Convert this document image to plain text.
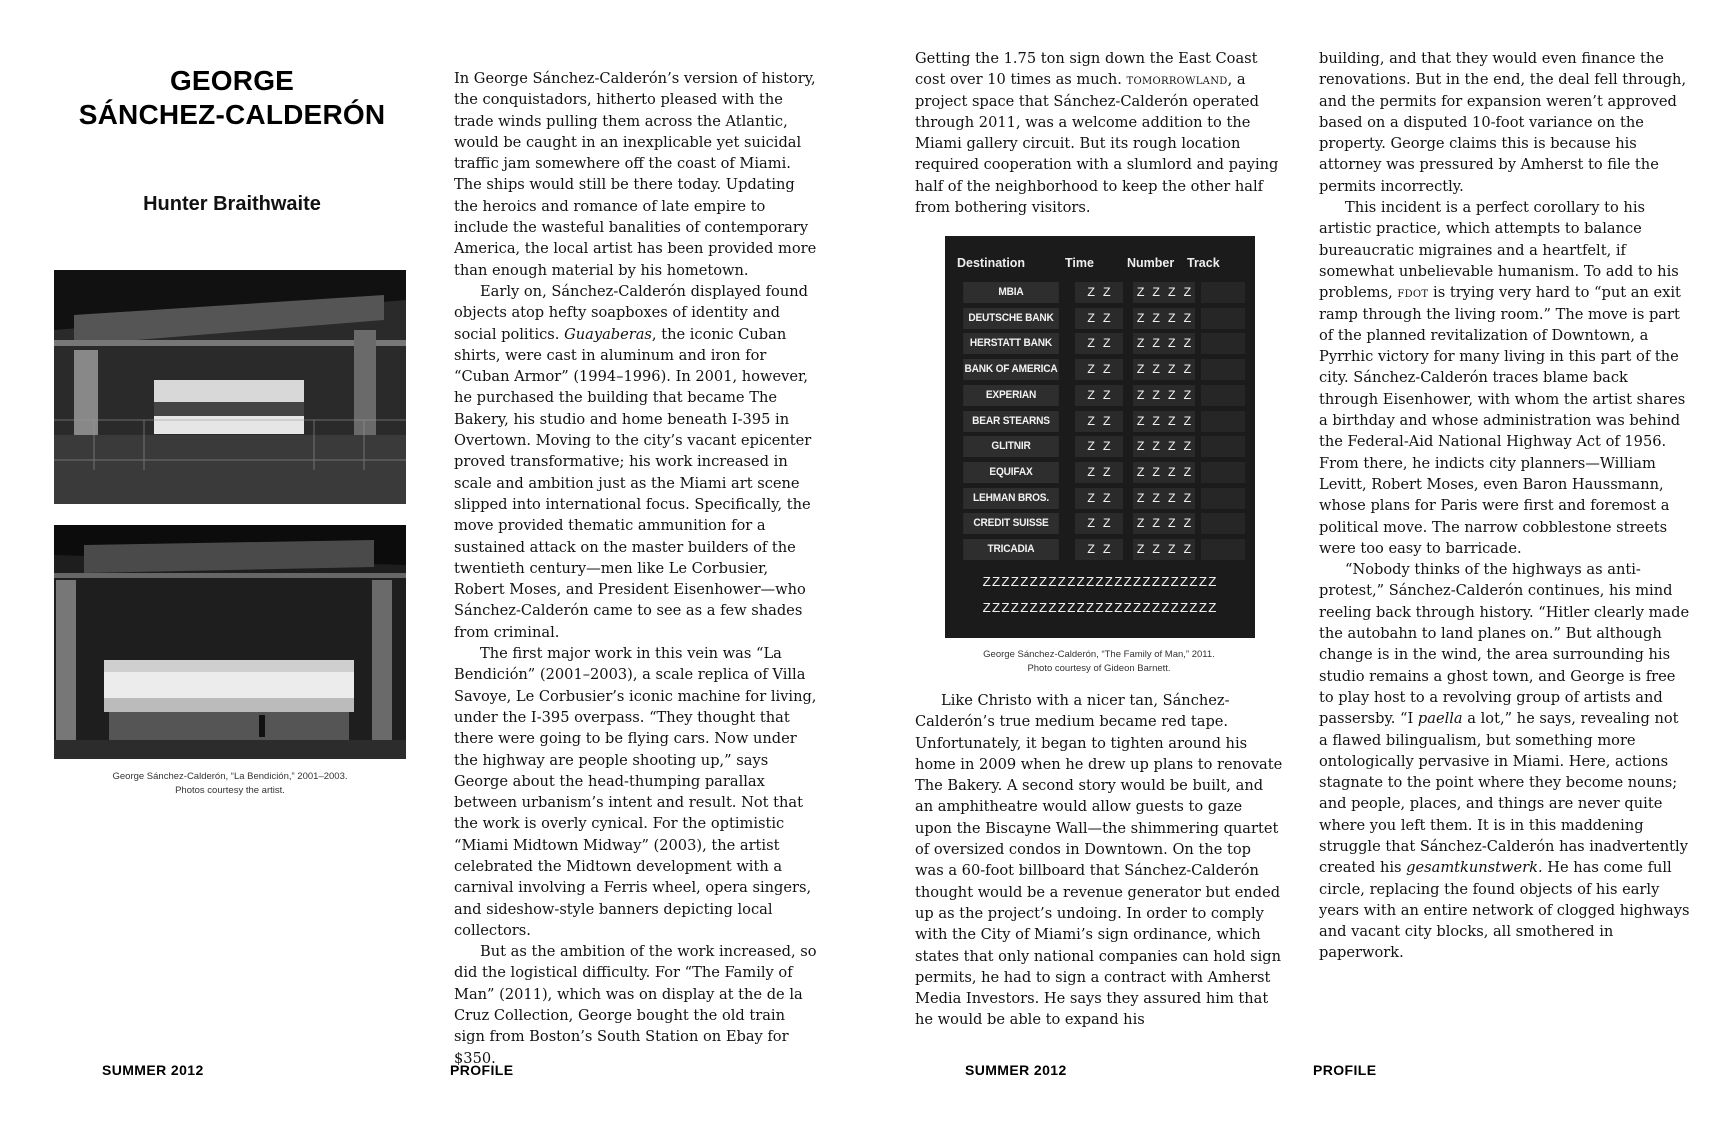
GEORGE
SÁNCHEZ-CALDERÓN
Hunter Braithwaite
George Sánchez-Calderón, “La Bendición,” 2001–2003.
Photos courtesy the artist.

In George Sánchez-Calderón’s version of history, the conquistadors, hitherto pleased with the trade winds pulling them across the Atlantic, would be caught in an inexplicable yet suicidal traffic jam somewhere off the coast of Miami. The ships would still be there today. Updating the heroics and romance of late empire to include the wasteful banalities of contemporary America, the local artist has been provided more than enough material by his hometown.

Early on, Sánchez-Calderón displayed found objects atop hefty soapboxes of identity and social politics. Guayaberas, the iconic Cuban shirts, were cast in aluminum and iron for “Cuban Armor” (1994–1996). In 2001, however, he purchased the building that became The Bakery, his studio and home beneath I-395 in Overtown. Moving to the city’s vacant epicenter proved transformative; his work increased in scale and ambition just as the Miami art scene slipped into international focus. Specifically, the move provided thematic ammunition for a sustained attack on the master builders of the twentieth century—men like Le Corbusier, Robert Moses, and President Eisenhower—who Sánchez-Calderón came to see as a few shades from criminal.

The first major work in this vein was “La Bendición” (2001–2003), a scale replica of Villa Savoye, Le Corbusier’s iconic machine for living, under the I-395 overpass. “They thought that there were going to be flying cars. Now under the highway are people shooting up,” says George about the head-thumping parallax between urbanism’s intent and result. Not that the work is overly cynical. For the optimistic “Miami Midtown Midway” (2003), the artist celebrated the Midtown development with a carnival involving a Ferris wheel, opera singers, and sideshow-style banners depicting local collectors.

But as the ambition of the work increased, so did the logistical difficulty. For “The Family of Man” (2011), which was on display at the de la Cruz Collection, George bought the old train sign from Boston’s South Station on Ebay for $350.

SUMMER 2012	PROFILE

Getting the 1.75 ton sign down the East Coast cost over 10 times as much. tomorrowland, a project space that Sánchez-Calderón operated through 2011, was a welcome addition to the Miami gallery circuit. But its rough location required cooperation with a slumlord and paying half of the neighborhood to keep the other half from bothering visitors.

George Sánchez-Calderón, “The Family of Man,” 2011.
Photo courtesy of Gideon Barnett.

Like Christo with a nicer tan, Sánchez-Calderón’s true medium became red tape. Unfortunately, it began to tighten around his home in 2009 when he drew up plans to renovate The Bakery. A second story would be built, and an amphitheatre would allow guests to gaze upon the Biscayne Wall—the shimmering quartet of oversized condos in Downtown. On the top was a 60-foot billboard that Sánchez-Calderón thought would be a revenue generator but ended up as the project’s undoing. In order to comply with the City of Miami’s sign ordinance, which states that only national companies can hold sign permits, he had to sign a contract with Amherst Media Investors. He says they assured him that he would be able to expand his

building, and that they would even finance the renovations. But in the end, the deal fell through, and the permits for expansion weren’t approved based on a disputed 10-foot variance on the property. George claims this is because his attorney was pressured by Amherst to file the permits incorrectly.

This incident is a perfect corollary to his artistic practice, which attempts to balance bureaucratic migraines and a heartfelt, if somewhat unbelievable humanism. To add to his problems, fdot is trying very hard to “put an exit ramp through the living room.” The move is part of the planned revitalization of Downtown, a Pyrrhic victory for many living in this part of the city. Sánchez-Calderón traces blame back through Eisenhower, with whom the artist shares a birthday and whose administration was behind the Federal-Aid National Highway Act of 1956. From there, he indicts city planners—William Levitt, Robert Moses, even Baron Haussmann, whose plans for Paris were first and foremost a political move. The narrow cobblestone streets were too easy to barricade.

“Nobody thinks of the highways as anti-protest,” Sánchez-Calderón continues, his mind reeling back through history. “Hitler clearly made the autobahn to land planes on.” But although change is in the wind, the area surrounding his studio remains a ghost town, and George is free to play host to a revolving group of artists and passersby. “I paella a lot,” he says, revealing not a flawed bilingualism, but something more ontologically pervasive in Miami. Here, actions stagnate to the point where they become nouns; and people, places, and things are never quite where you left them. It is in this maddening struggle that Sánchez-Calderón has inadvertently created his gesamtkunstwerk. He has come full circle, replacing the found objects of his early years with an entire network of clogged highways and vacant city blocks, all smothered in paperwork.

SUMMER 2012	PROFILE
Destination	Time	Number Track
MBIA	Z Z	Z Z Z Z
DEUTSCHE BANK	Z Z	Z Z Z Z
HERSTATT BANK	Z Z	Z Z Z Z
BANK OF AMERICA	Z Z	Z Z Z Z
EXPERIAN	Z Z	Z Z Z Z
BEAR STEARNS	Z Z	Z Z Z Z
GLITNIR	Z Z	Z Z Z Z
EQUIFAX	Z Z	Z Z Z Z
LEHMAN BROS.	Z Z	Z Z Z Z
CREDIT SUISSE	Z Z	Z Z Z Z
TRICADIA	Z Z	Z Z Z Z
ZZZZZZZZZZZZZZZZZZZZZZZZZ
ZZZZZZZZZZZZZZZZZZZZZZZZZ
